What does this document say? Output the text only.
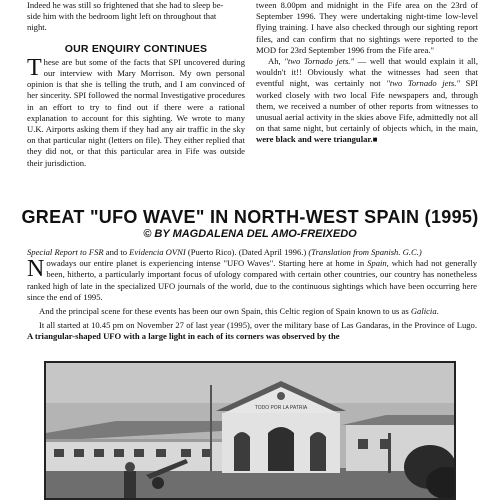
Indeed he was still so frightened that she had to sleep be-

side him with the bedroom light left on throughout that

night.

OUR ENQUIRY CONTINUES

These are but some of the facts that SPI uncovered during our interview with Mary Morrison. My own personal opinion is that she is telling the truth, and I am convinced of her sincerity. SPI followed the normal Investigative procedures in an effort to try to find out if there were a rational explanation to account for this sighting. We wrote to many U.K. Airports asking them if they had any air traffic in the sky on that particular night (letters on file). They either replied that they did not, or that this particular area in Fife was outside their jurisdiction.

tween 8.00pm and midnight in the Fife area on the 23rd of September 1996. They were undertaking night-time low-level flying training. I have also checked through our sighting report files, and can confirm that no sightings were reported to the MOD for 23rd September 1996 from the Fife area."

Ah, "two Tornado jets." — well that would explain it all, wouldn't it!! Obviously what the witnesses had seen that eventful night, was certainly not "two Tornado jets." SPI worked closely with two local Fife newspapers and, through them, we received a number of other reports from witnesses to unusual aerial activity in the skies above Fife, admittedly not all on that same night, but certainly of objects which, in the main, were black and were triangular.■

GREAT "UFO WAVE" IN NORTH-WEST SPAIN (1995)
© BY MAGDALENA DEL AMO-FREIXEDO

Special Report to FSR and to Evidencia OVNI (Puerto Rico). (Dated April 1996.) (Translation from Spanish. G.C.)

Nowadays our entire planet is experiencing intense "UFO Waves". Starting here at home in Spain, which had not generally been, hitherto, a particularly important focus of ufology compared with certain other countries, our country has nonetheless ranked high of late in the specialized UFO journals of the world, due to the continuous sightings which have been occurring here since the end of 1995.

And the principal scene for these events has been our own Spain, this Celtic region of Spain known to us as Galicia.

It all started at 10.45 pm on November 27 of last year (1995), over the military base of Las Gandaras, in the Province of Lugo. A triangular-shaped UFO with a large light in each of its corners was observed by the

TODO POR LA PATRIA
